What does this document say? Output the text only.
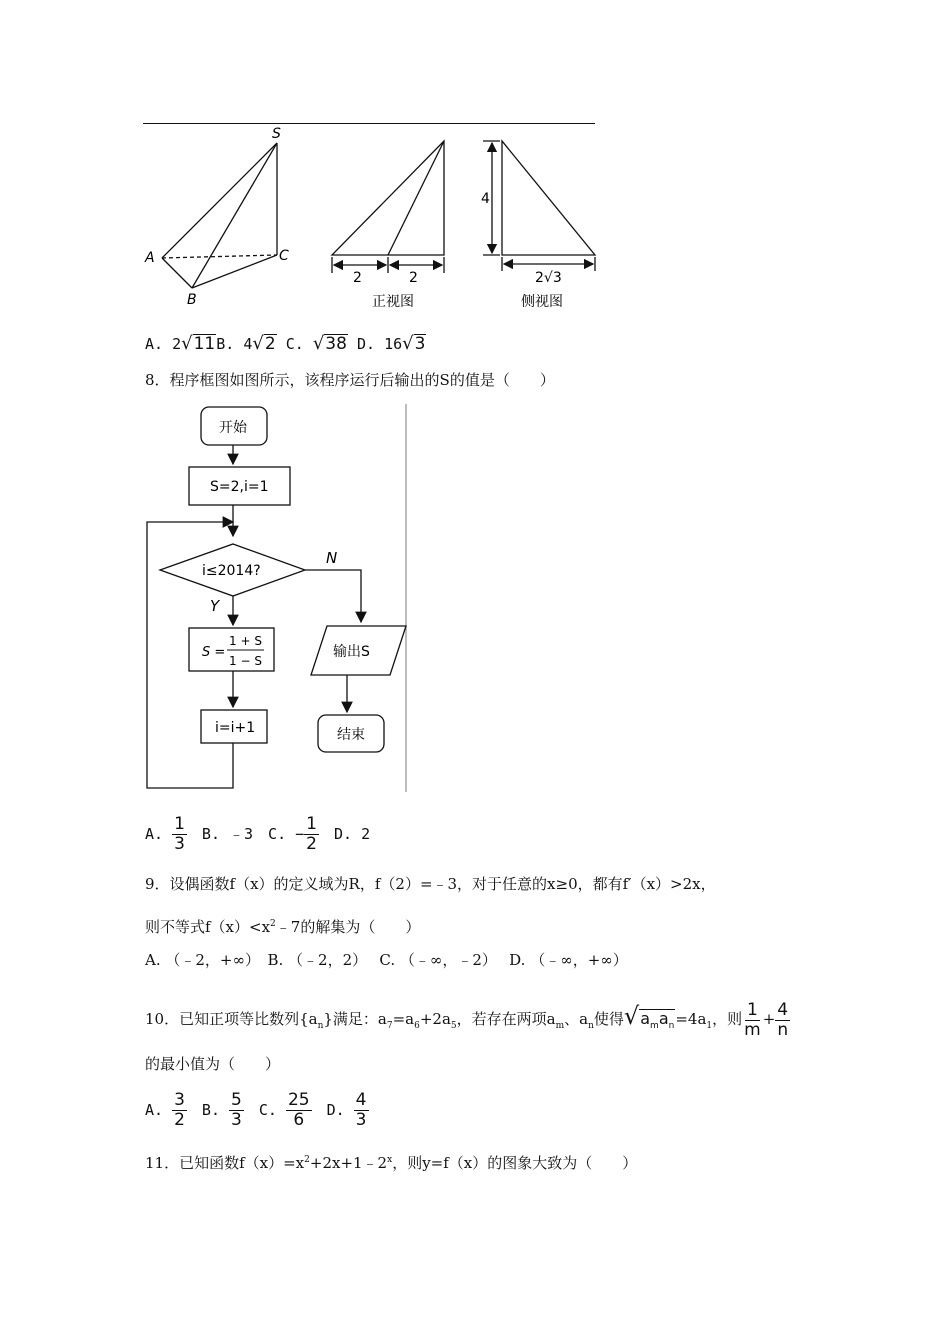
S
A
B
C
2	2
正视图
4
2√3
侧视图
A. 2√11B. 4√2 C. √38 D. 16√3
8．程序框图如图所示，该程序运行后输出的S的值是（　　）
开始
S=2,i=1
i≤2014?
N
Y
S =
1 + S
1 − S
i=i+1
输出S
结束
A. $\frac{1}{3}$ 　B. ﹣3　C. − $\frac{1}{2}$ 　D. 2
9．设偶函数f（x）的定义域为R，f（2）=﹣3，对于任意的x≥0，都有f′（x）>2x，
则不等式$f(x)<x^2﹣7$的解集为（　　）
A. （﹣2，+∞）　B. （﹣2，2）　 C. （﹣∞，﹣2）　 D. （﹣∞，+∞）
10．已知正项等比数列$\{a_n\}$满足：$a_7=a_6+2a_5$，若存在两项$a_m$、$a_n$使得$√a_ma_n=4a_1$，则 $\frac{1}{m} + \frac{4}{n}$
的最小值为（　　）
A. $\frac{3}{2}$ 　B. $\frac{5}{3}$ 　C. $\frac{25}{6}$ 　D. $\frac{4}{3}$
11．已知函数$f(x)=x^2+2x+1﹣2^x$，则y=f（x）的图象大致为（　　）
